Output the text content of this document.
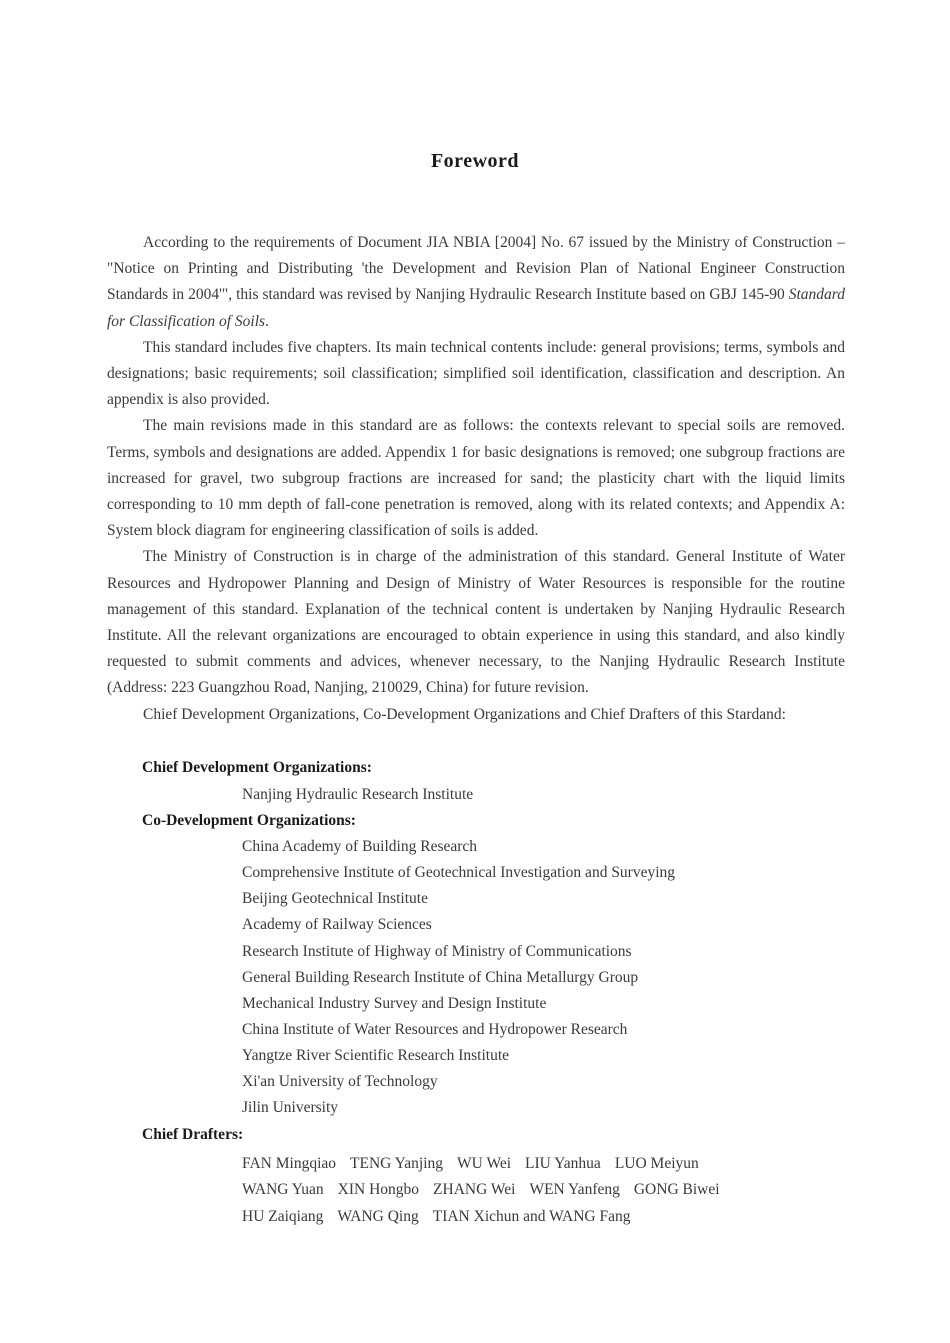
Foreword

According to the requirements of Document JIA NBIA [2004] No. 67 issued by the Ministry of Construction – "Notice on Printing and Distributing 'the Development and Revision Plan of National Engineer Construction Standards in 2004'", this standard was revised by Nanjing Hydraulic Research Institute based on GBJ 145-90 Standard for Classification of Soils.

This standard includes five chapters. Its main technical contents include: general provisions; terms, symbols and designations; basic requirements; soil classification; simplified soil identification, classification and description. An appendix is also provided.

The main revisions made in this standard are as follows: the contexts relevant to special soils are removed. Terms, symbols and designations are added. Appendix 1 for basic designations is removed; one subgroup fractions are increased for gravel, two subgroup fractions are increased for sand; the plasticity chart with the liquid limits corresponding to 10 mm depth of fall-cone penetration is removed, along with its related contexts; and Appendix A: System block diagram for engineering classification of soils is added.

The Ministry of Construction is in charge of the administration of this standard. General Institute of Water Resources and Hydropower Planning and Design of Ministry of Water Resources is responsible for the routine management of this standard. Explanation of the technical content is undertaken by Nanjing Hydraulic Research Institute. All the relevant organizations are encouraged to obtain experience in using this standard, and also kindly requested to submit comments and advices, whenever necessary, to the Nanjing Hydraulic Research Institute (Address: 223 Guangzhou Road, Nanjing, 210029, China) for future revision.

Chief Development Organizations, Co-Development Organizations and Chief Drafters of this Stardand:

Chief Development Organizations:
Nanjing Hydraulic Research Institute
Co-Development Organizations:
China Academy of Building Research
Comprehensive Institute of Geotechnical Investigation and Surveying
Beijing Geotechnical Institute
Academy of Railway Sciences
Research Institute of Highway of Ministry of Communications
General Building Research Institute of China Metallurgy Group
Mechanical Industry Survey and Design Institute
China Institute of Water Resources and Hydropower Research
Yangtze River Scientific Research Institute
Xi'an University of Technology
Jilin University
Chief Drafters:
FAN Mingqiao TENG Yanjing WU Wei LIU Yanhua LUO Meiyun
WANG Yuan XIN Hongbo ZHANG Wei WEN Yanfeng GONG Biwei
HU Zaiqiang WANG Qing TIAN Xichun and WANG Fang
